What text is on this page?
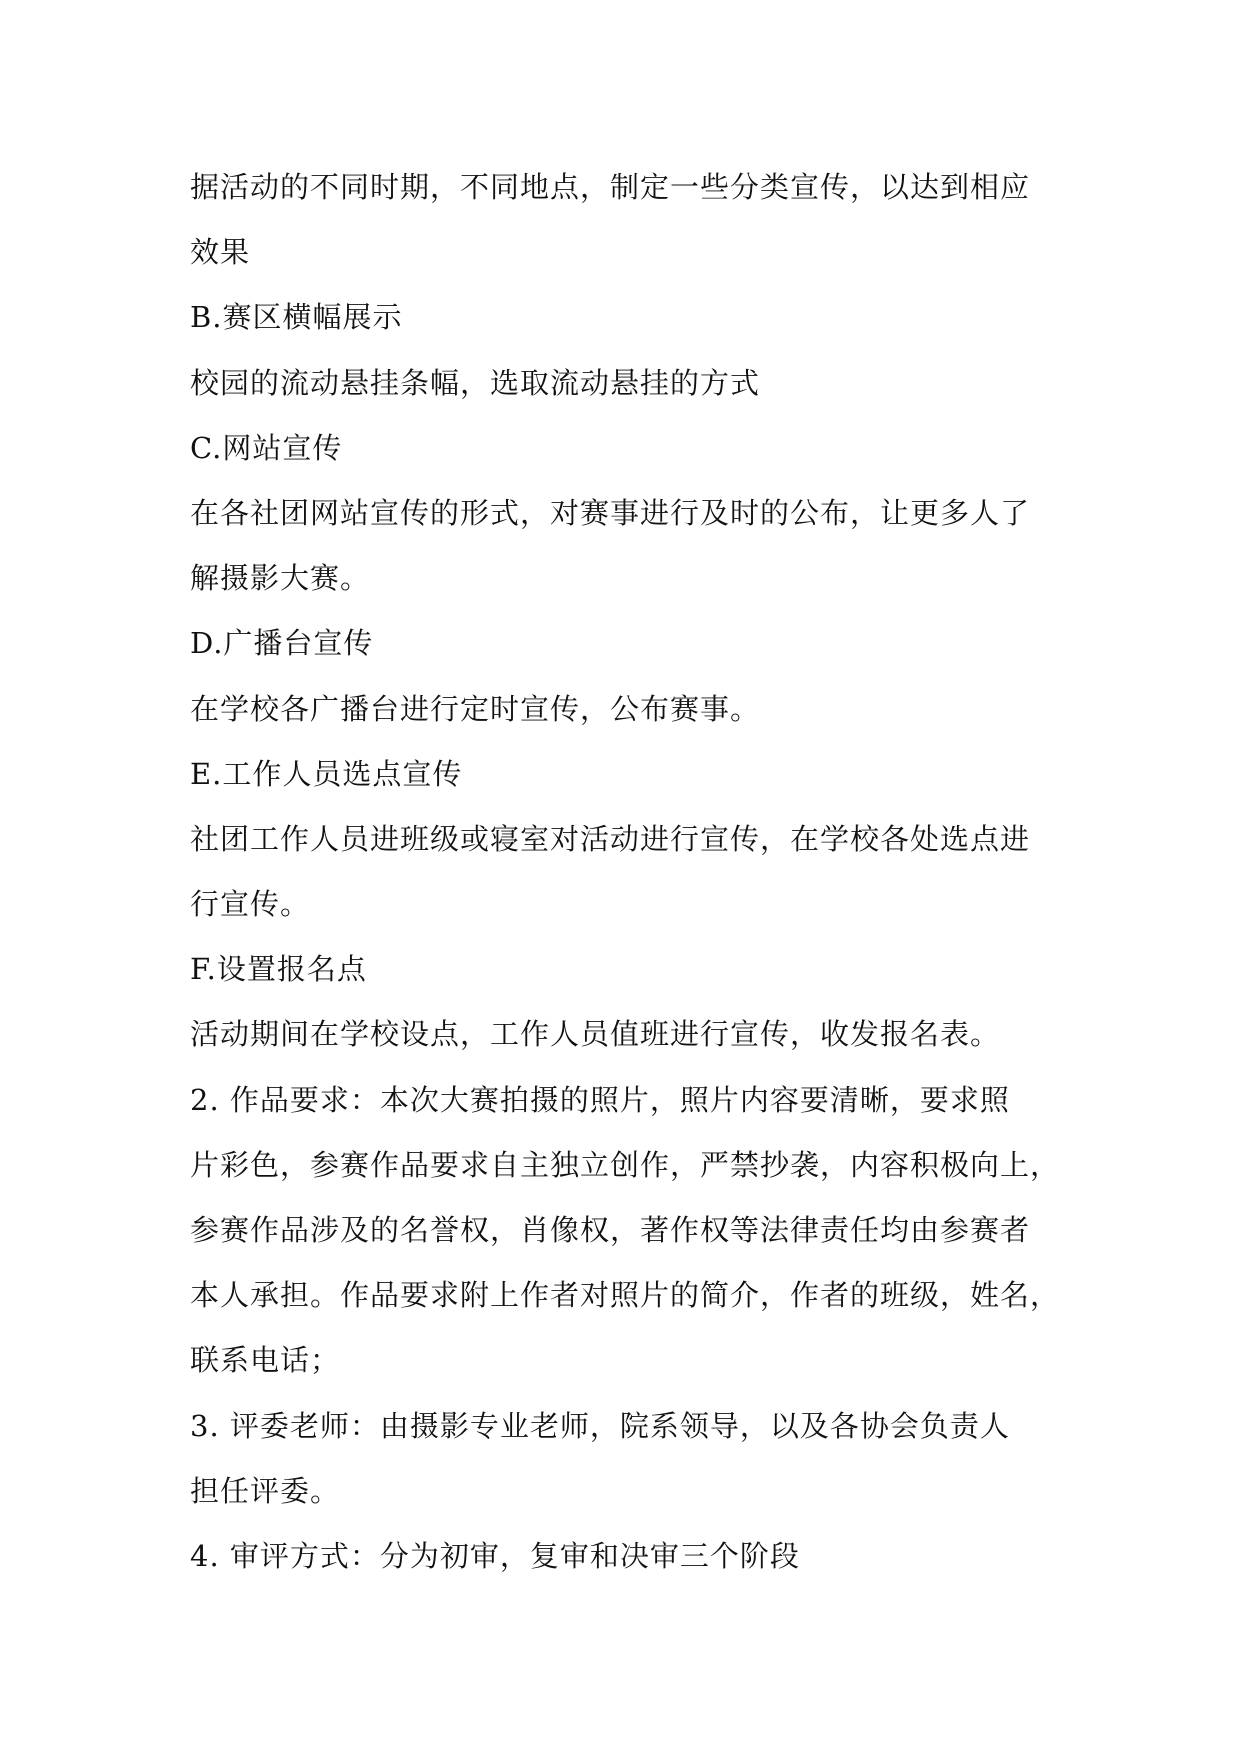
据活动的不同时期，不同地点，制定一些分类宣传，以达到相应
效果
B.赛区横幅展示
校园的流动悬挂条幅，选取流动悬挂的方式
C.网站宣传
在各社团网站宣传的形式，对赛事进行及时的公布，让更多人了
解摄影大赛。
D.广播台宣传
在学校各广播台进行定时宣传，公布赛事。
E.工作人员选点宣传
社团工作人员进班级或寝室对活动进行宣传，在学校各处选点进
行宣传。
F.设置报名点
活动期间在学校设点，工作人员值班进行宣传，收发报名表。
2. 作品要求：本次大赛拍摄的照片，照片内容要清晰，要求照
片彩色，参赛作品要求自主独立创作，严禁抄袭，内容积极向上，
参赛作品涉及的名誉权，肖像权，著作权等法律责任均由参赛者
本人承担。作品要求附上作者对照片的简介，作者的班级，姓名，
联系电话；
3. 评委老师：由摄影专业老师，院系领导，以及各协会负责人
担任评委。
4. 审评方式：分为初审，复审和决审三个阶段
